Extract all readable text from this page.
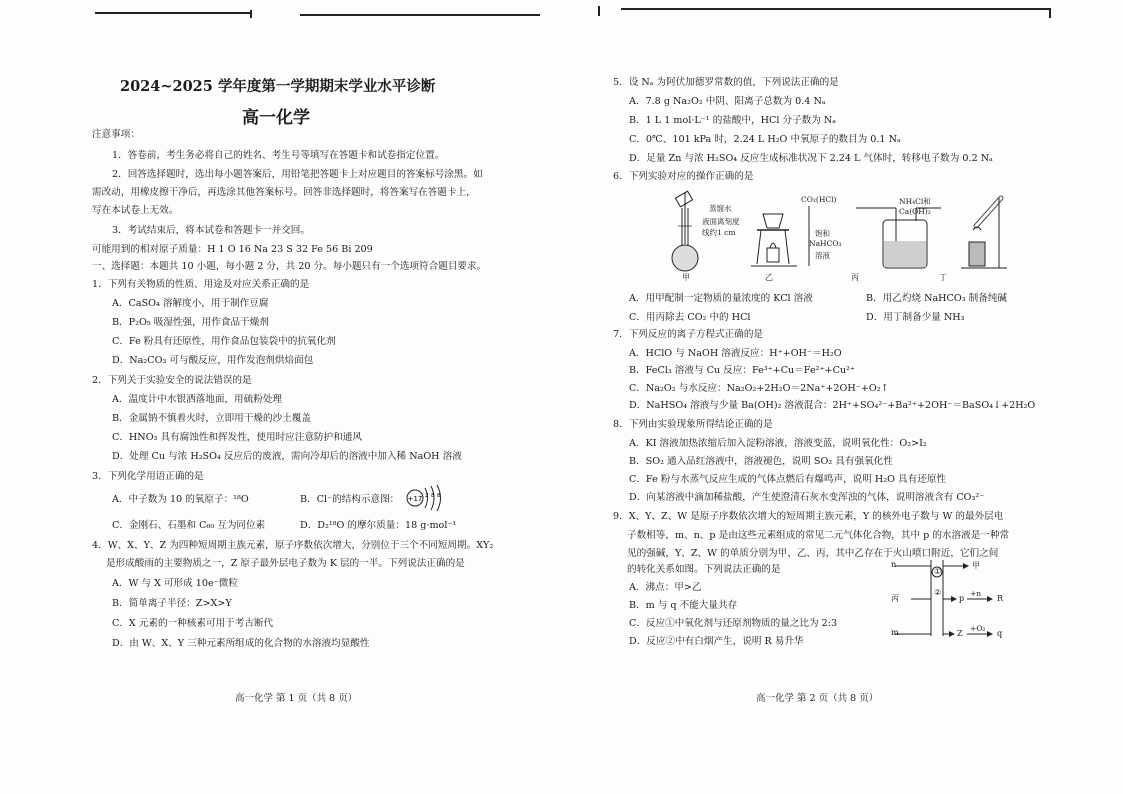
2024~2025 学年度第一学期期末学业水平诊断
高一化学
注意事项：
1．答卷前，考生务必将自己的姓名、考生号等填写在答题卡和试卷指定位置。
2．回答选择题时，选出每小题答案后，用铅笔把答题卡上对应题目的答案标号涂黑。如
需改动，用橡皮擦干净后，再选涂其他答案标号。回答非选择题时，将答案写在答题卡上，
写在本试卷上无效。
3．考试结束后，将本试卷和答题卡一并交回。
可能用到的相对原子质量：H 1 O 16 Na 23 S 32 Fe 56 Bi 209
一、选择题：本题共 10 小题，每小题 2 分，共 20 分。每小题只有一个选项符合题目要求。
1．下列有关物质的性质、用途及对应关系正确的是
A．CaSO₄ 溶解度小，用于制作豆腐
B．P₂O₅ 吸湿性强，用作食品干燥剂
C．Fe 粉具有还原性，用作食品包装袋中的抗氧化剂
D．Na₂CO₃ 可与酸反应，用作发泡剂烘焙面包
2．下列关于实验安全的说法错误的是
A．温度计中水银洒落地面，用硫粉处理
B．金属钠不慎着火时，立即用干燥的沙土覆盖
C．HNO₃ 具有腐蚀性和挥发性，使用时应注意防护和通风
D．处理 Cu 与浓 H₂SO₄ 反应后的废液，需向冷却后的溶液中加入稀 NaOH 溶液
3．下列化学用语正确的是
A．中子数为 10 的氧原子：¹⁸O	B．Cl⁻的结构示意图： +17 2 8 8
C．金刚石、石墨和 C₆₀ 互为同位素	D．D₂¹⁸O 的摩尔质量：18 g·mol⁻¹
4．W、X、Y、Z 为四种短周期主族元素，原子序数依次增大，分别位于三个不同短周期。XY₂
是形成酸雨的主要物质之一，Z 原子最外层电子数为 K 层的一半。下列说法正确的是
A．W 与 X 可形成 10e⁻微粒
B．简单离子半径：Z>X>Y
C．X 元素的一种核素可用于考古断代
D．由 W、X、Y 三种元素所组成的化合物的水溶液均显酸性
高一化学 第 1 页（共 8 页）
5．设 Nₐ 为阿伏加德罗常数的值，下列说法正确的是
A．7.8 g Na₂O₂ 中阴、阳离子总数为 0.4 Nₐ
B．1 L 1 mol·L⁻¹ 的盐酸中，HCl 分子数为 Nₐ
C．0℃、101 kPa 时，2.24 L H₂O 中氧原子的数目为 0.1 Nₐ
D．足量 Zn 与浓 H₂SO₄ 反应生成标准状况下 2.24 L 气体时，转移电子数为 0.2 Nₐ
6．下列实验对应的操作正确的是
蒸馏水
液面离刻度
线约1 cm
CO₂(HCl)
饱和
NaHCO₃
溶液
NH₄Cl和
Ca(OH)₂
甲	乙	丙	丁
A．用甲配制一定物质的量浓度的 KCl 溶液	B．用乙灼烧 NaHCO₃ 制备纯碱
C．用丙除去 CO₂ 中的 HCl	D．用丁制备少量 NH₃
7．下列反应的离子方程式正确的是
A．HClO 与 NaOH 溶液反应：H⁺+OH⁻＝H₂O
B．FeCl₃ 溶液与 Cu 反应：Fe³⁺+Cu＝Fe²⁺+Cu²⁺
C．Na₂O₂ 与水反应：Na₂O₂+2H₂O＝2Na⁺+2OH⁻+O₂↑
D．NaHSO₄ 溶液与少量 Ba(OH)₂ 溶液混合：2H⁺+SO₄²⁻+Ba²⁺+2OH⁻＝BaSO₄↓+2H₂O
8．下列由实验现象所得结论正确的是
A．KI 溶液加热浓缩后加入淀粉溶液，溶液变蓝，说明氧化性：O₂>I₂
B．SO₂ 通入品红溶液中，溶液褪色，说明 SO₂ 具有强氧化性
C．Fe 粉与水蒸气反应生成的气体点燃后有爆鸣声，说明 H₂O 具有还原性
D．向某溶液中滴加稀盐酸，产生使澄清石灰水变浑浊的气体，说明溶液含有 CO₃²⁻
9．X、Y、Z、W 是原子序数依次增大的短周期主族元素，Y 的核外电子数与 W 的最外层电
子数相等，m、n、p 是由这些元素组成的常见二元气体化合物，其中 p 的水溶液是一种常
见的强碱，Y、Z、W 的单质分别为甲、乙、丙，其中乙存在于火山喷口附近，它们之间
的转化关系如图。下列说法正确的是
A．沸点：甲>乙
B．m 与 q 不能大量共存
C．反应①中氧化剂与还原剂物质的量之比为 2:3
D．反应②中有白烟产生，说明 R 易升华
n	甲
①
丙	p
②	+n
R
m	Z
+O₂
q
高一化学 第 2 页（共 8 页）
